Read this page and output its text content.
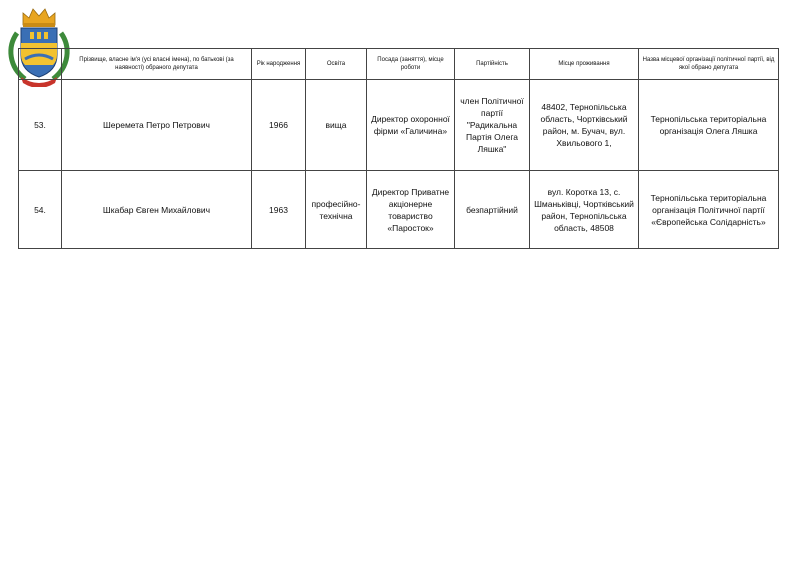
	Прізвище, власне ім'я (усі власні імена), по батькові (за наявності) обраного депутата	Рік народження	Освіта	Посада (заняття), місце роботи	Партійність	Місце проживання	Назва місцевої організації політичної партії, від якої обрано депутата
53.	Шеремета Петро Петрович	1966	вища	Директор охоронної фірми «Галичина»	член Політичної партії "Радикальна Партія Олега Ляшка"	48402, Тернопільська область, Чортківський район, м. Бучач, вул. Хвильового 1,	Тернопільська територіальна організація Олега Ляшка
54.	Шкабар Євген Михайлович	1963	професійно-технічна	Директор Приватне акціонерне товариство «Паросток»	безпартійний	вул. Коротка 13, с. Шманьківці, Чортківський район, Тернопільська область, 48508	Тернопільська територіальна організація Політичної партії «Європейська Солідарність»
